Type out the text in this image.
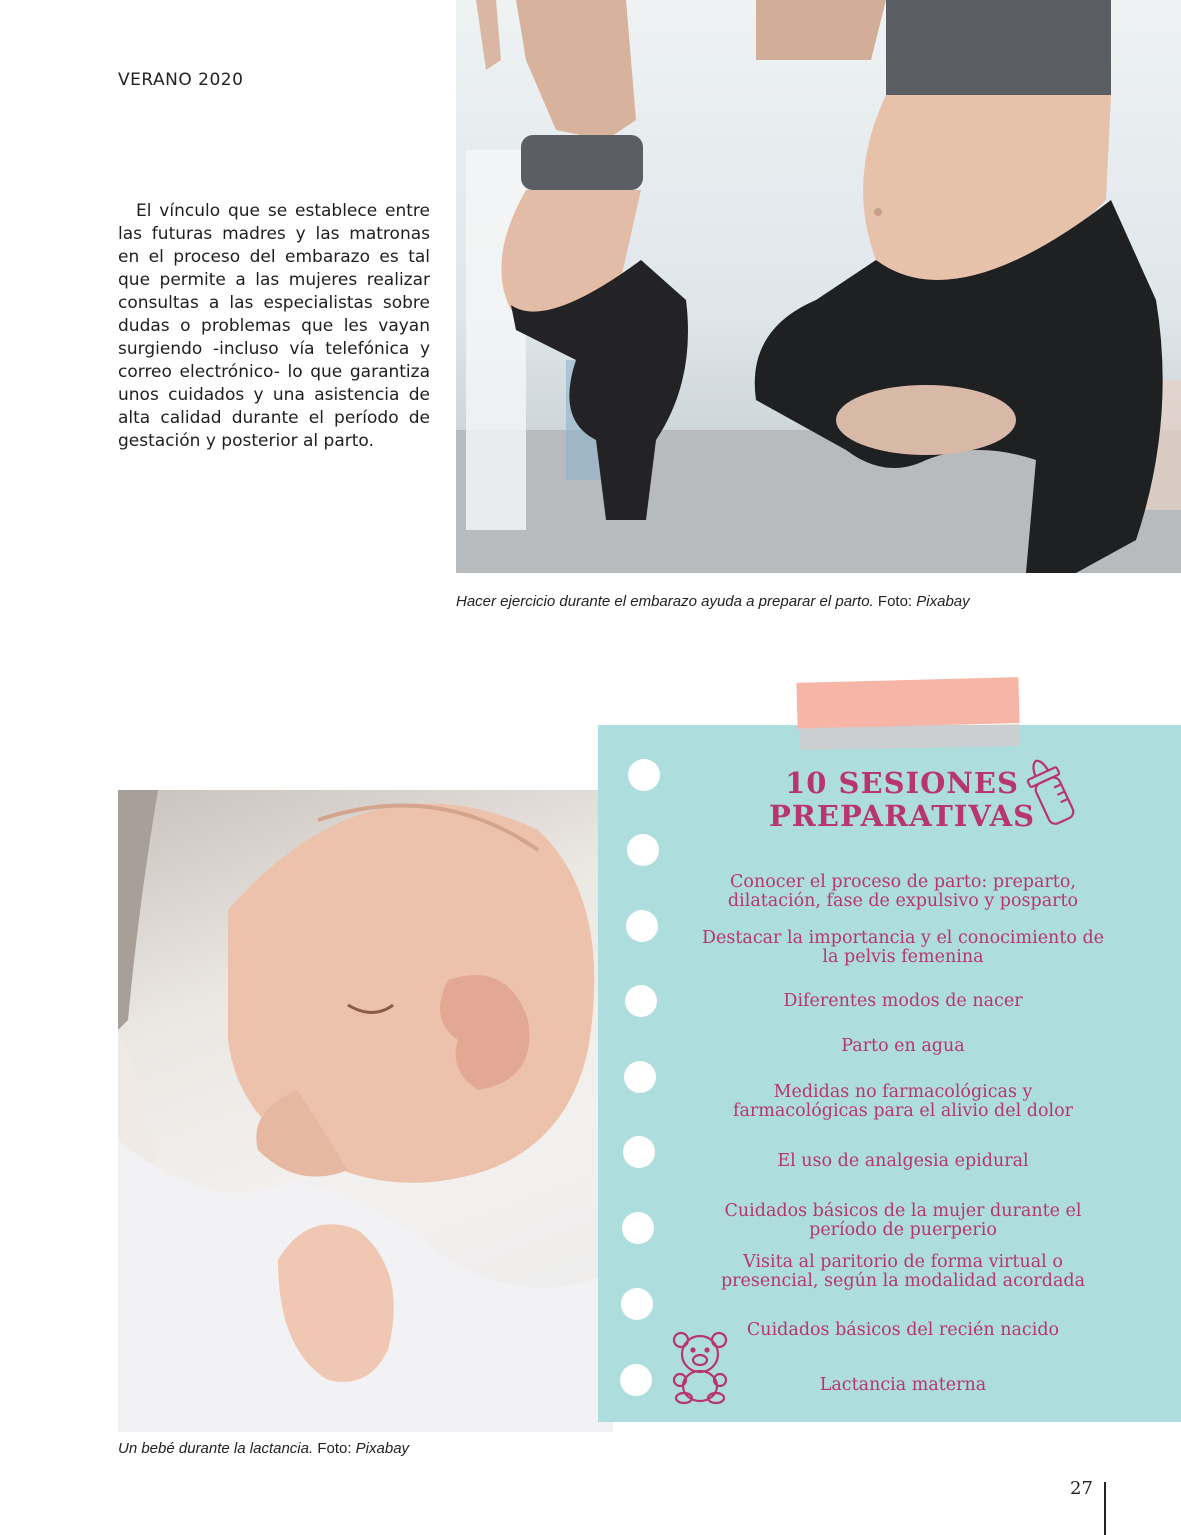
VERANO 2020

El vínculo que se establece entre las futuras madres y las matronas en el proceso del embarazo es tal que permite a las mujeres realizar consultas a las especialistas sobre dudas o problemas que les vayan surgiendo -incluso vía telefónica y correo electrónico- lo que garantiza unos cuidados y una asistencia de alta calidad durante el período de gestación y posterior al parto.

Hacer ejercicio durante el embarazo ayuda a preparar el parto. Foto: Pixabay
Un bebé durante la lactancia. Foto: Pixabay
10 SESIONES
PREPARATIVAS
Conocer el proceso de parto: preparto,
dilatación, fase de expulsivo y posparto
Destacar la importancia y el conocimiento de
la pelvis femenina
Diferentes modos de nacer
Parto en agua
Medidas no farmacológicas y
farmacológicas para el alivio del dolor
El uso de analgesia epidural
Cuidados básicos de la mujer durante el
período de puerperio
Visita al paritorio de forma virtual o
presencial, según la modalidad acordada
Cuidados básicos del recién nacido
Lactancia materna
27
